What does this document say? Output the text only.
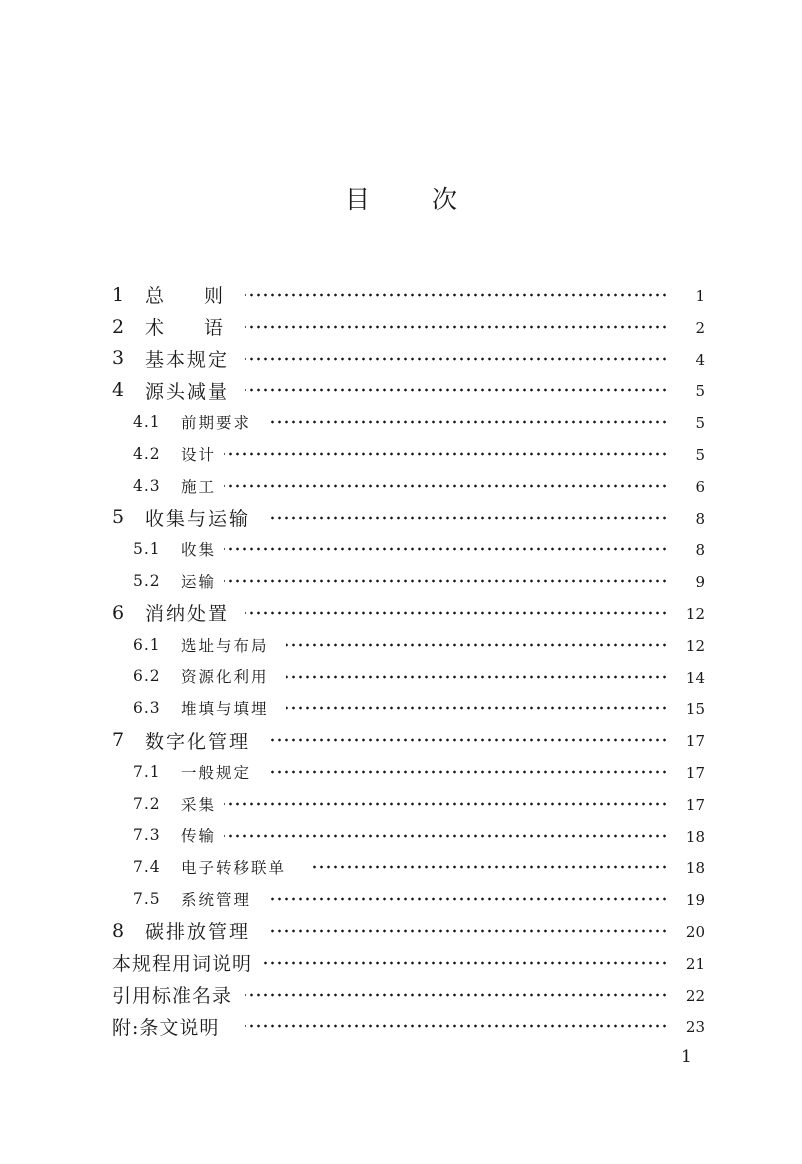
目 次
1	总 则	1
2	术 语	2
3	基本规定	4
4	源头减量	5
4.1	前期要求	5
4.2	设计	5
4.3	施工	6
5	收集与运输	8
5.1	收集	8
5.2	运输	9
6	消纳处置	12
6.1	选址与布局	12
6.2	资源化利用	14
6.3	堆填与填埋	15
7	数字化管理	17
7.1	一般规定	17
7.2	采集	17
7.3	传输	18
7.4	电子转移联单	18
7.5	系统管理	19
8	碳排放管理	20
本规程用词说明	21
引用标准名录	22
附:条文说明	23
1
